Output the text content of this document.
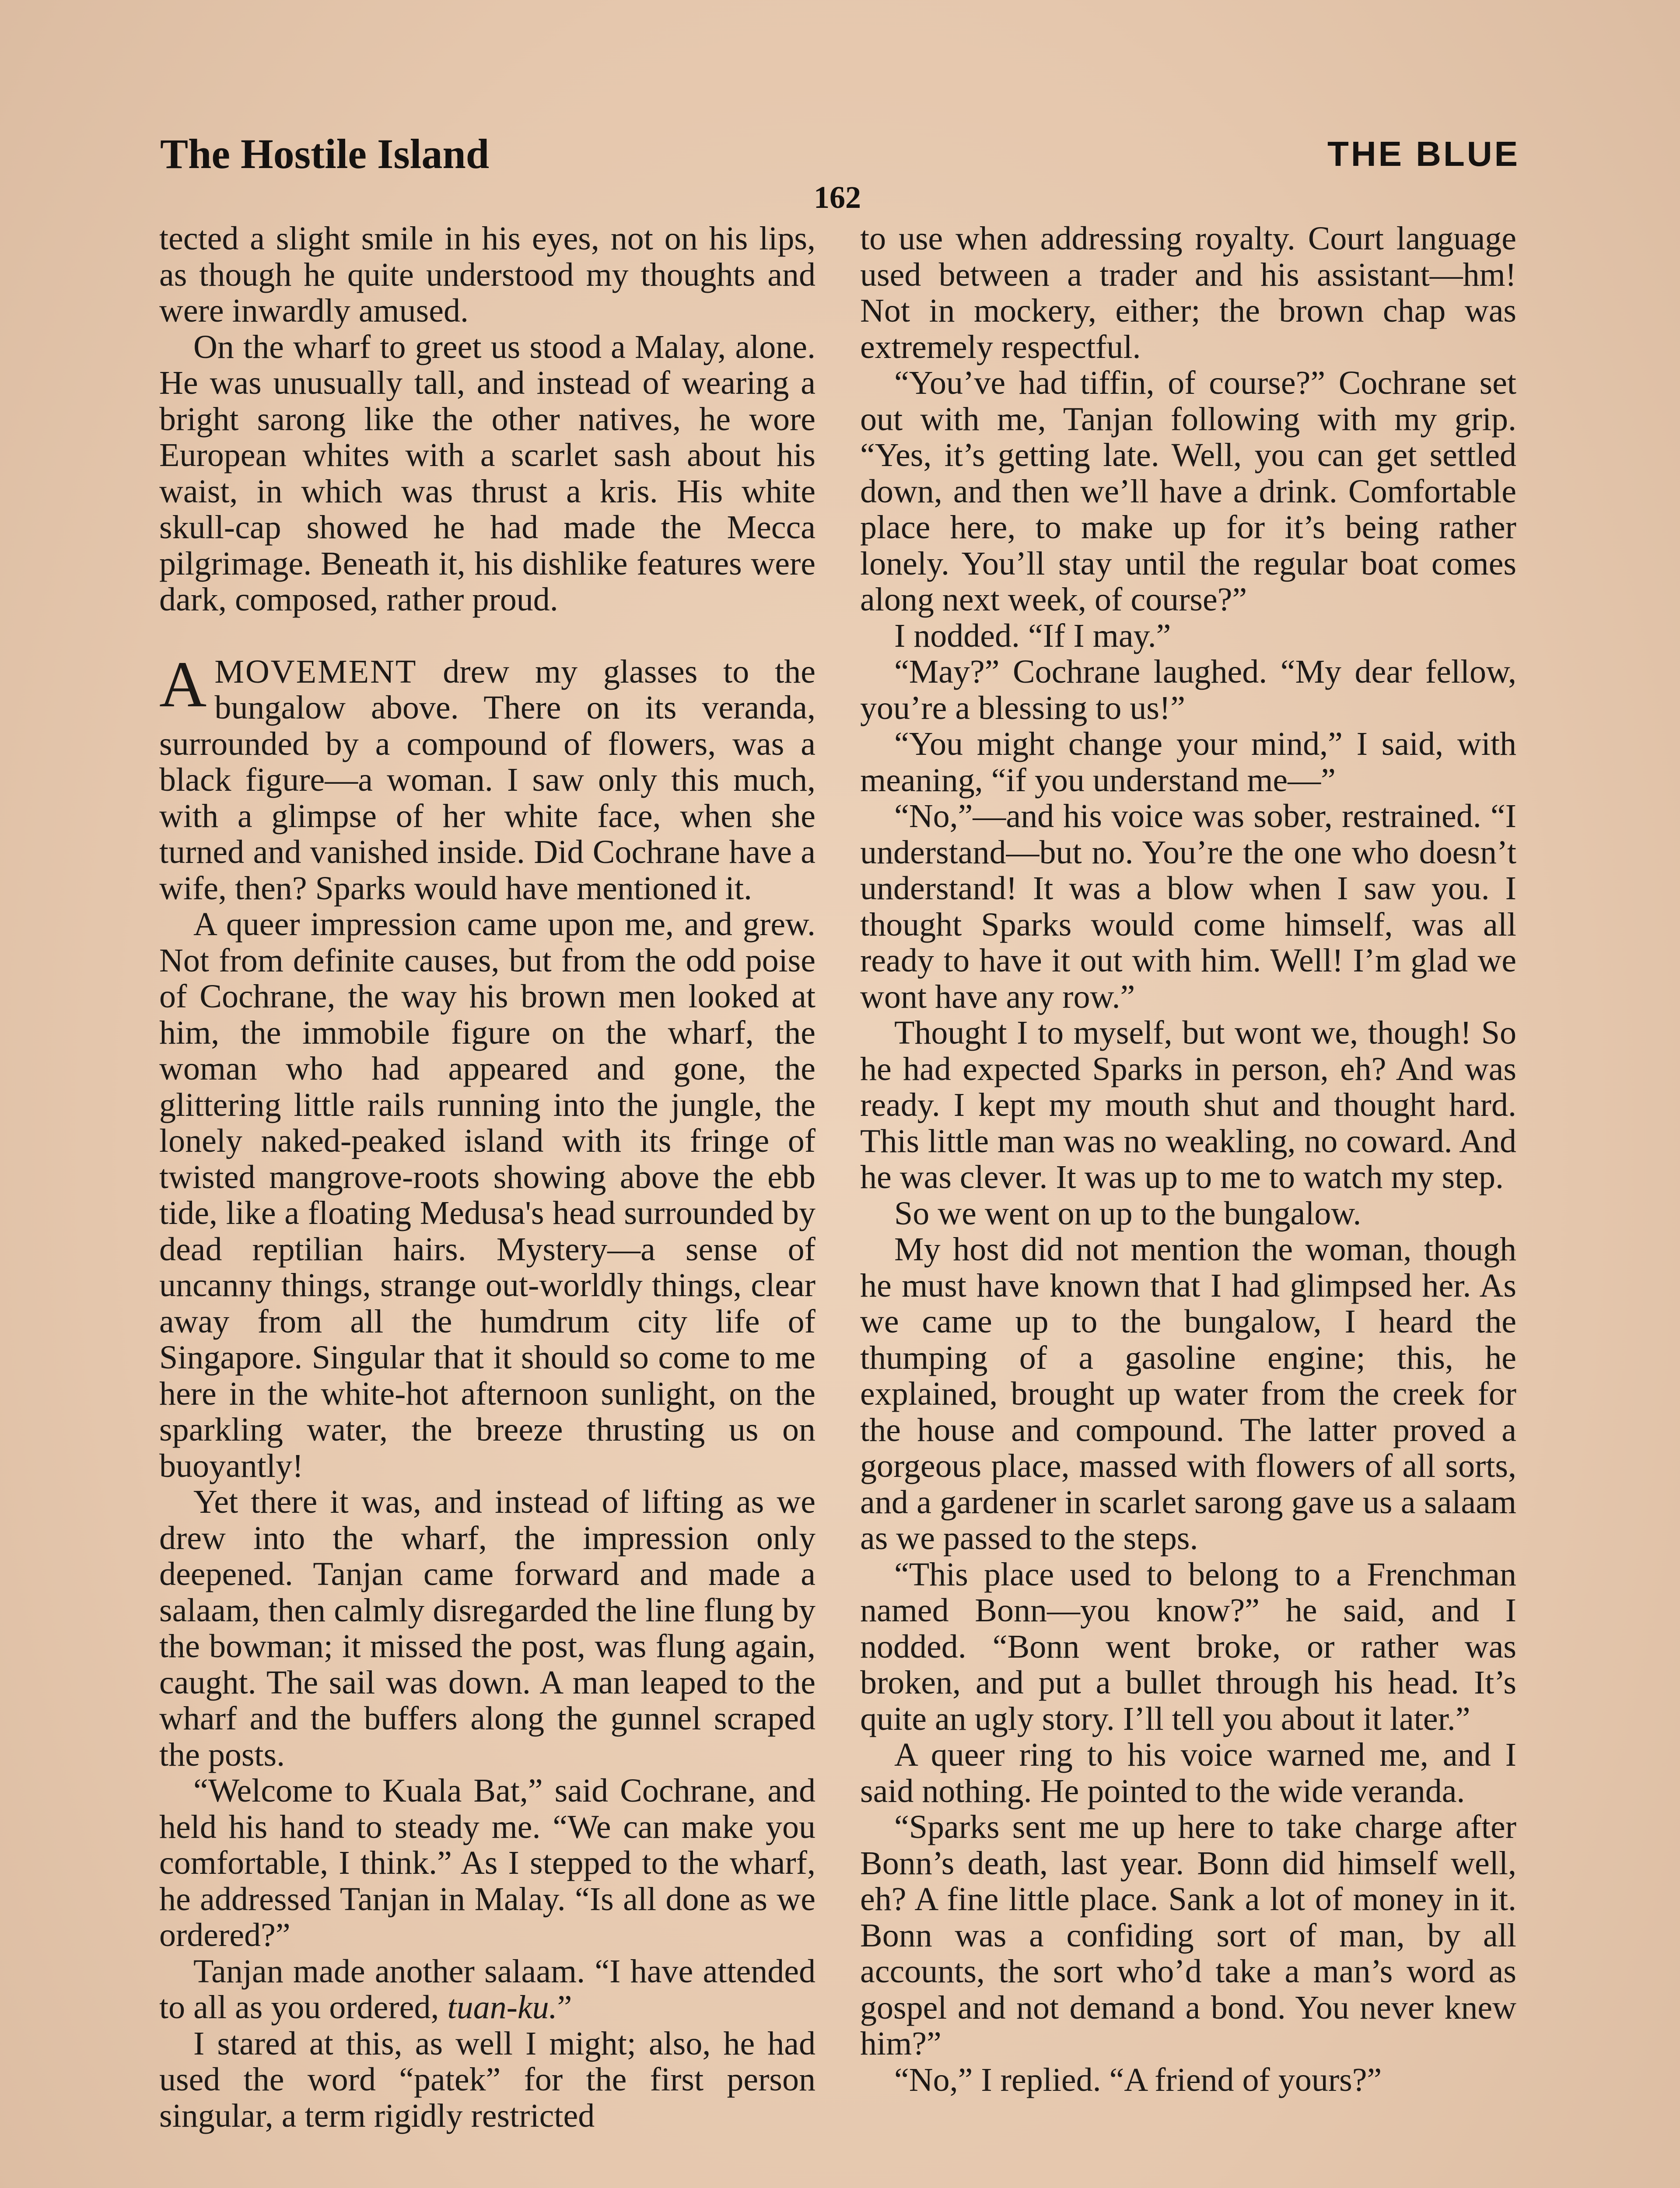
The Hostile Island	THE BLUE
162

tected a slight smile in his eyes, not on his lips, as though he quite understood my thoughts and were inwardly amused.

On the wharf to greet us stood a Malay, alone. He was unusually tall, and instead of wearing a bright sarong like the other natives, he wore European whites with a scarlet sash about his waist, in which was thrust a kris. His white skull-cap showed he had made the Mecca pilgrimage. Beneath it, his dishlike features were dark, composed, rather proud.

AMOVEMENT drew my glasses to the bungalow above. There on its veranda, surrounded by a compound of flowers, was a black figure—a woman. I saw only this much, with a glimpse of her white face, when she turned and vanished inside. Did Cochrane have a wife, then? Sparks would have mentioned it.

A queer impression came upon me, and grew. Not from definite causes, but from the odd poise of Cochrane, the way his brown men looked at him, the immobile figure on the wharf, the woman who had appeared and gone, the glittering little rails running into the jungle, the lonely naked-peaked island with its fringe of twisted mangrove-roots showing above the ebb tide, like a floating Medusa's head surrounded by dead reptilian hairs. Mystery—a sense of uncanny things, strange out-worldly things, clear away from all the humdrum city life of Singapore. Singular that it should so come to me here in the white-hot afternoon sunlight, on the sparkling water, the breeze thrusting us on buoyantly!

Yet there it was, and instead of lifting as we drew into the wharf, the impression only deepened. Tanjan came forward and made a salaam, then calmly disregarded the line flung by the bowman; it missed the post, was flung again, caught. The sail was down. A man leaped to the wharf and the buffers along the gunnel scraped the posts.

“Welcome to Kuala Bat,” said Cochrane, and held his hand to steady me. “We can make you comfortable, I think.” As I stepped to the wharf, he addressed Tanjan in Malay. “Is all done as we ordered?”

Tanjan made another salaam. “I have attended to all as you ordered, tuan-ku.”

I stared at this, as well I might; also, he had used the word “patek” for the first person singular, a term rigidly restricted

to use when addressing royalty. Court language used between a trader and his assistant—hm! Not in mockery, either; the brown chap was extremely respectful.

“You’ve had tiffin, of course?” Cochrane set out with me, Tanjan following with my grip. “Yes, it’s getting late. Well, you can get settled down, and then we’ll have a drink. Comfortable place here, to make up for it’s being rather lonely. You’ll stay until the regular boat comes along next week, of course?”

I nodded. “If I may.”

“May?” Cochrane laughed. “My dear fellow, you’re a blessing to us!”

“You might change your mind,” I said, with meaning, “if you understand me—”

“No,”—and his voice was sober, restrained. “I understand—but no. You’re the one who doesn’t understand! It was a blow when I saw you. I thought Sparks would come himself, was all ready to have it out with him. Well! I’m glad we wont have any row.”

Thought I to myself, but wont we, though! So he had expected Sparks in person, eh? And was ready. I kept my mouth shut and thought hard. This little man was no weakling, no coward. And he was clever. It was up to me to watch my step.

So we went on up to the bungalow.

My host did not mention the woman, though he must have known that I had glimpsed her. As we came up to the bungalow, I heard the thumping of a gasoline engine; this, he explained, brought up water from the creek for the house and compound. The latter proved a gorgeous place, massed with flowers of all sorts, and a gardener in scarlet sarong gave us a salaam as we passed to the steps.

“This place used to belong to a Frenchman named Bonn—you know?” he said, and I nodded. “Bonn went broke, or rather was broken, and put a bullet through his head. It’s quite an ugly story. I’ll tell you about it later.”

A queer ring to his voice warned me, and I said nothing. He pointed to the wide veranda.

“Sparks sent me up here to take charge after Bonn’s death, last year. Bonn did himself well, eh? A fine little place. Sank a lot of money in it. Bonn was a confiding sort of man, by all accounts, the sort who’d take a man’s word as gospel and not demand a bond. You never knew him?”

“No,” I replied. “A friend of yours?”
